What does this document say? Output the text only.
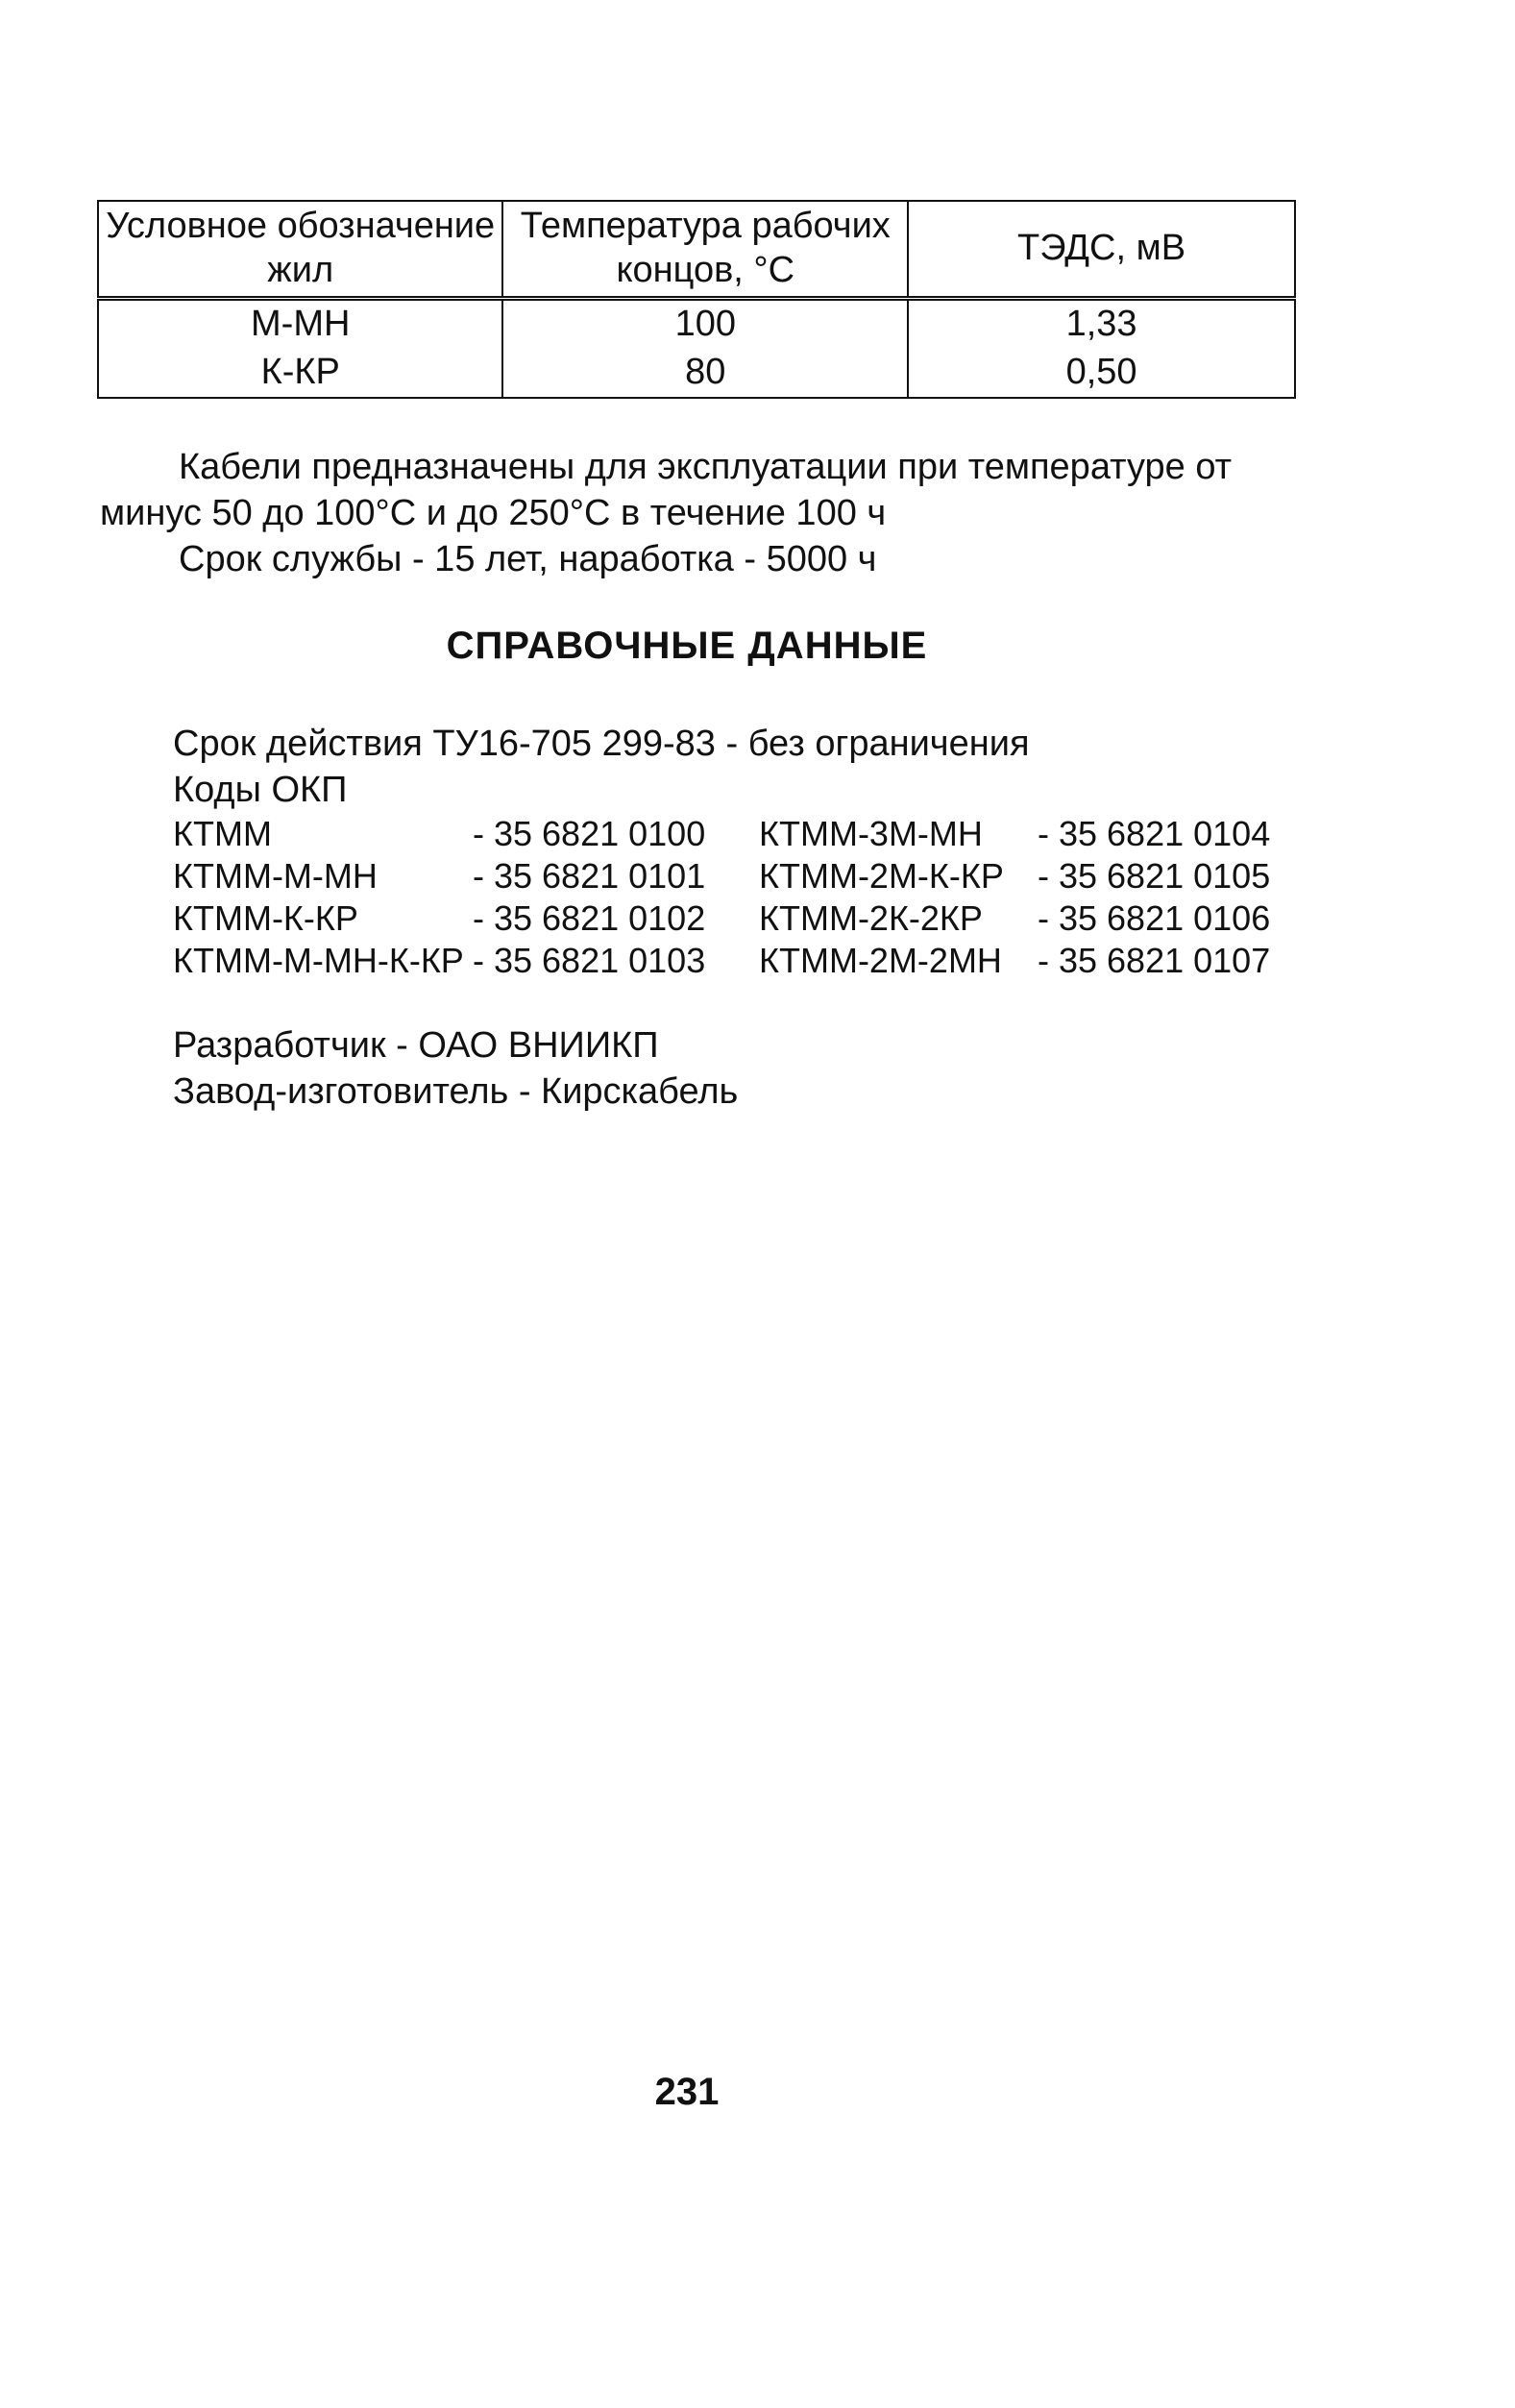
Условное обозначение жил	Температура рабочих концов, °С	ТЭДС, мВ
М-МН	100	1,33
К-КР	80	0,50

Кабели предназначены для эксплуатации при температуре от минус 50 до 100°С и до 250°С в течение 100 ч

Срок службы - 15 лет, наработка - 5000 ч

СПРАВОЧНЫЕ ДАННЫЕ

Срок действия ТУ16-705 299-83 - без ограничения

Коды ОКП

КТММ	- 35 6821 0100	КТММ-3М-МН	- 35 6821 0104
КТММ-М-МН	- 35 6821 0101	КТММ-2М-К-КР - 35 6821 0105
КТММ-К-КР	- 35 6821 0102	КТММ-2К-2КР	- 35 6821 0106
КТММ-М-МН-К-КР - 35 6821 0103	КТММ-2М-2МН	- 35 6821 0107

Разработчик - ОАО ВНИИКП

Завод-изготовитель - Кирскабель

231
